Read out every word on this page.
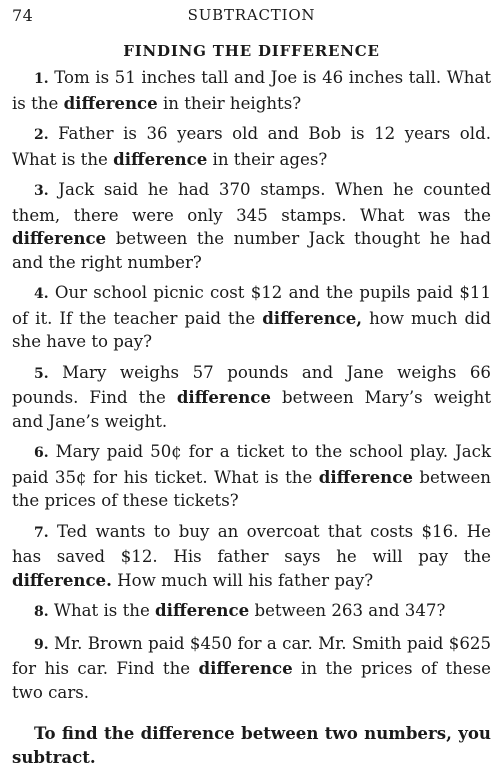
74	SUBTRACTION
FINDING THE DIFFERENCE

1. Tom is 51 inches tall and Joe is 46 inches tall. What is the difference in their heights?

2. Father is 36 years old and Bob is 12 years old. What is the difference in their ages?

3. Jack said he had 370 stamps. When he counted them, there were only 345 stamps. What was the difference between the number Jack thought he had and the right number?

4. Our school picnic cost $12 and the pupils paid $11 of it. If the teacher paid the difference, how much did she have to pay?

5. Mary weighs 57 pounds and Jane weighs 66 pounds. Find the difference between Mary’s weight and Jane’s weight.

6. Mary paid 50¢ for a ticket to the school play. Jack paid 35¢ for his ticket. What is the difference between the prices of these tickets?

7. Ted wants to buy an overcoat that costs $16. He has saved $12. His father says he will pay the difference. How much will his father pay?

8. What is the difference between 263 and 347?

9. Mr. Brown paid $450 for a car. Mr. Smith paid $625 for his car. Find the difference in the prices of these two cars.

To find the difference between two numbers, you subtract.
